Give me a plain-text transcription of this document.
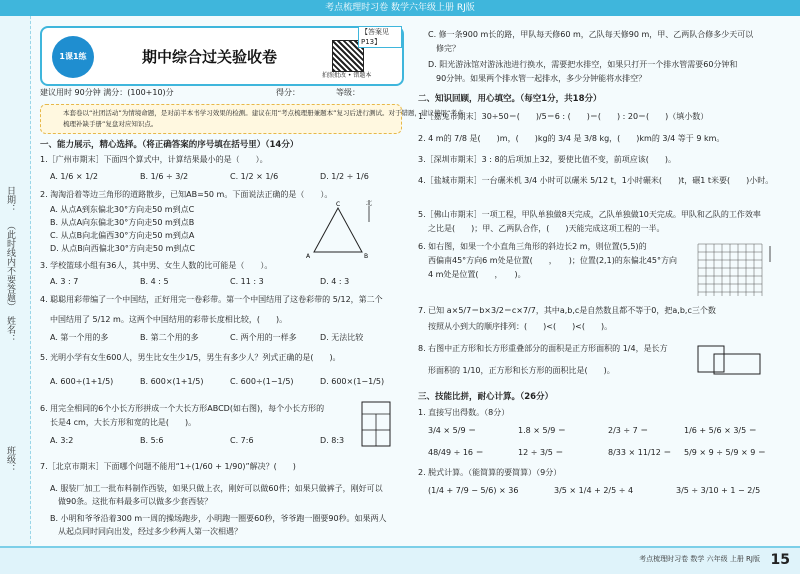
考点梳理时习卷 数学六年级上册 RJ版
日期：
（此时线内不要答题）
姓名：
班级：
1课1练	期中综合过关验收卷
【答案见P13】
拍照批改 • 错题本
建议用时 90分钟 满分：(100+10)分	得分：	等级：
本套卷以“社团活动”为情境命题，是对前半本书学习效果的检测。建议在用“考点梳理册兼题本”复习后进行测试。对于错题，建议使用“考点
梳理补缺手册”复盘对应知识点。
一、能力展示，精心选择。（将正确答案的序号填在括号里）（14分）
1.［广州市期末］下面四个算式中，计算结果最小的是（　　）。
A. 1/6 × 1/2	B. 1/6 ÷ 3/2	C. 1/2 × 1/6	D. 1/2 ÷ 1/6
2. 淘淘沿着等边三角形的道路散步，已知AB=50 m。下面说法正确的是（　　）。
A. 从点A到东偏北30°方向走50 m到点C
B. 从点A向东偏北30°方向走50 m到点B
C. 从点B向北偏西30°方向走50 m到点A
D. 从点B向西偏北30°方向走50 m到点C
C
A	B
北
3. 学校篮球小组有36人，其中男、女生人数的比可能是（　　）。
A. 3 : 7	B. 4 : 5	C. 11 : 3	D. 4 : 3
4. 聪聪用彩带编了一个中国结，正好用完一卷彩带。第一个中国结用了这卷彩带的 5/12，第二个
中国结用了 5/12 m。这两个中国结用的彩带长度相比较，(　　)。
A. 第一个用的多	B. 第二个用的多	C. 两个用的一样多	D. 无法比较
5. 光明小学有女生600人，男生比女生少1/5，男生有多少人？列式正确的是(　　)。
A. 600÷(1+1/5)	B. 600×(1+1/5)	C. 600÷(1−1/5)	D. 600×(1−1/5)
6. 用完全相同的6个小长方形拼成一个大长方形ABCD(如右图)，每个小长方形的
长是4 cm，大长方形和宽的比是(　　)。
A. 3:2	B. 5:6	C. 7:6	D. 8:3
7.［北京市期末］下面哪个问题不能用“1÷(1/60 + 1/90)”解决？(　　)
A. 服装厂加工一批布料制作西装，如果只做上衣，刚好可以做60件；如果只做裤子，刚好可以
做90条。这批布料最多可以做多少套西装？
B. 小明和爷爷沿着300 m一周的操场跑步，小明跑一圈要60秒，爷爷跑一圈要90秒。如果两人
从起点同时同向出发，经过多少秒两人第一次相遇？
C. 修一条900 m长的路，甲队每天修60 m，乙队每天修90 m，甲、乙两队合修多少天可以
修完？
D. 阳光游泳馆对游泳池进行换水，需要把水排空，如果只打开一个排水管需要60分钟和
90分钟。如果两个排水管一起排水，多少分钟能将水排空？
二、知识回顾，用心填空。（每空1分，共18分）
1.［嘉兔市期末］30÷50＝(　　)/5＝6 : (　　)＝(　　) : 20＝(　　)（填小数）
2. 4 m的 7/8 是(　　)m，(　　)kg的 3/4 是 3/8 kg，(　　)km的 3/4 等于 9 km。
3.［深圳市期末］3 : 8的后项加上32，要使比值不变，前项应该(　　)。
4.［盐城市期末］一台碾米机 3/4 小时可以碾米 5/12 t，1小时碾米(　　)t，碾1 t米要(　　)小时。
5.［佛山市期末］一项工程，甲队单独做8天完成，乙队单独做10天完成。甲队和乙队的工作效率
之比是(　　)；甲、乙两队合作，(　　)天能完成这项工程的一半。
6. 如右图，如果一个小直角三角形的斜边长2 m，则位置(5,5)的
西偏南45°方向6 m处是位置(　　，　　)；位置(2,1)的东偏北45°方向
4 m处是位置(　　，　　)。
7. 已知 a×5/7＝b×3/2＝c×7/7，其中a,b,c是自然数且都不等于0，把a,b,c三个数
按照从小到大的顺序排列：(　　)<(　　)<(　　)。
8. 右图中正方形和长方形重叠部分的面积是正方形面积的 1/4，是长方
形面积的 1/10，正方形和长方形的面积比是(　　)。
三、技能比拼，耐心计算。（26分）
1. 直接写出得数。（8分）
3/4 × 5/9 ＝	1.8 × 5/9 ＝	2/3 ÷ 7 ＝	1/6 + 5/6 × 3/5 ＝
48/49 ÷ 16 ＝	12 ÷ 3/5 ＝	8/33 × 11/12 ＝ 5/9 × 9 ÷ 5/9 × 9 ＝
2. 脱式计算。（能简算的要简算）（9分）
(1/4 + 7/9 − 5/6) × 36	3/5 × 1/4 + 2/5 ÷ 4	3/5 ÷ 3/10 + 1 − 2/5
考点梳理时习卷 数学 六年级 上册 RJ版 15
